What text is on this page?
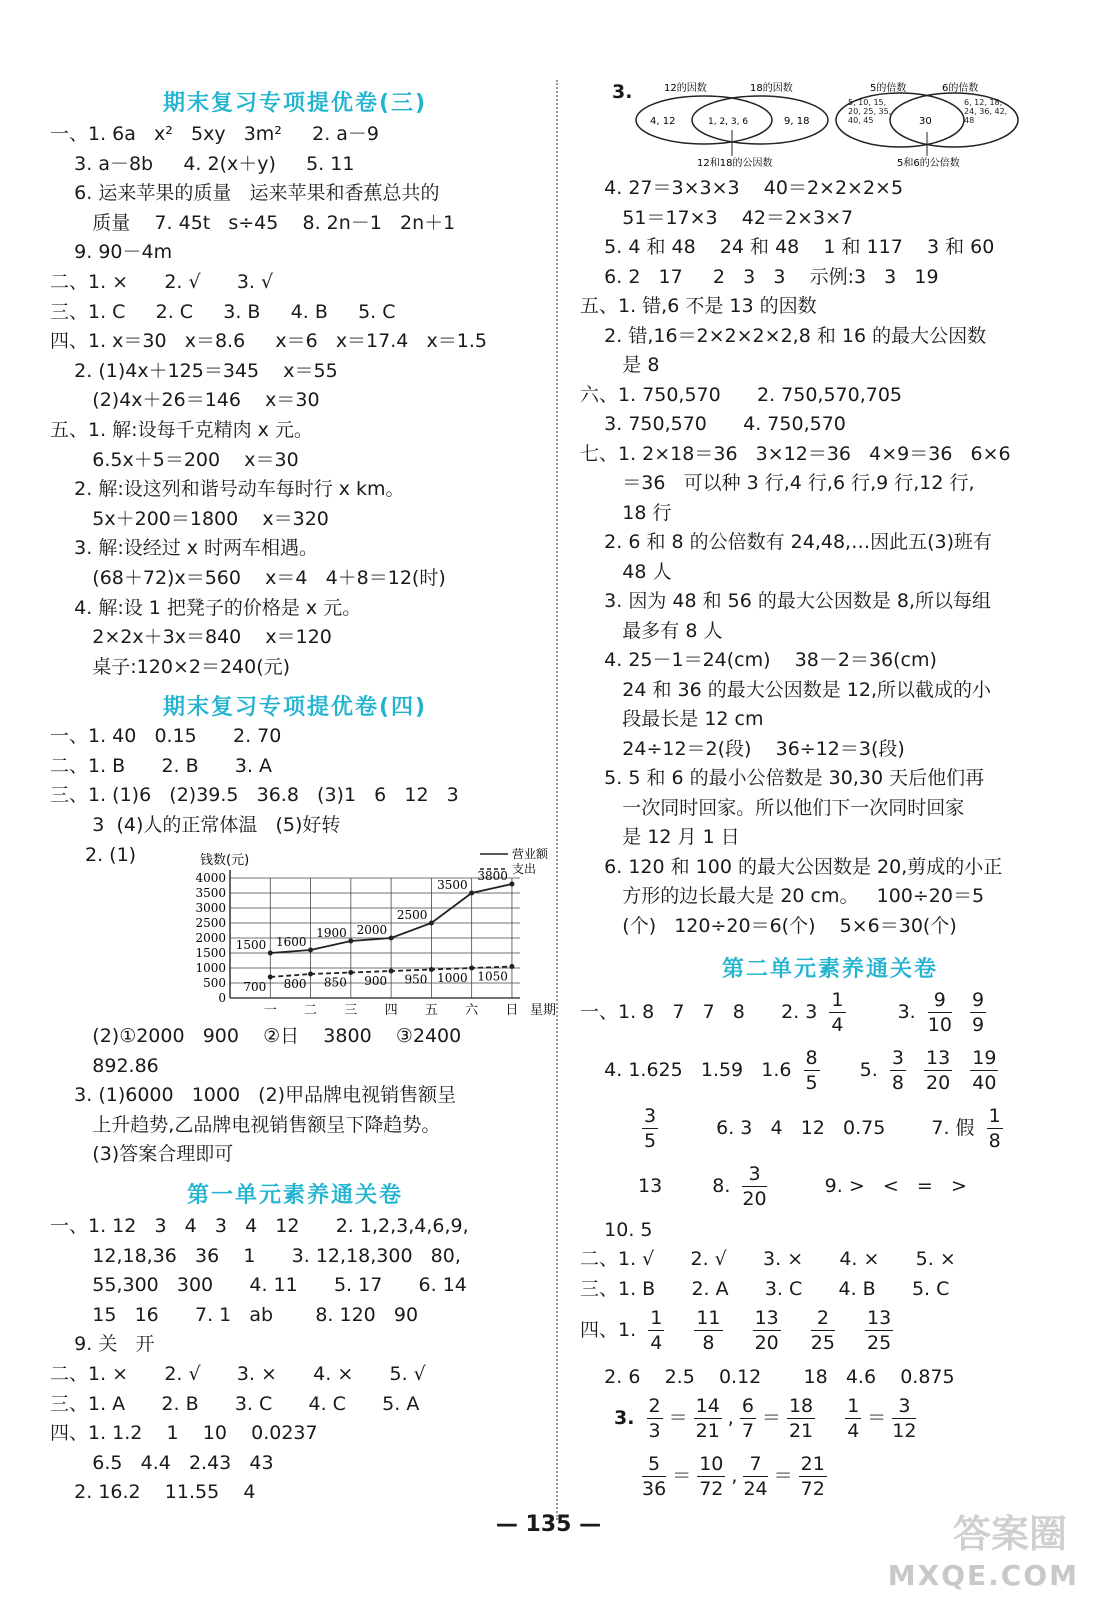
期末复习专项提优卷(三)
一、1. 6a   x²   5xy   3m²     2. a－9
3. a－8b     4. 2(x＋y)     5. 11
6. 运来苹果的质量   运来苹果和香蕉总共的
质量    7. 45t   s÷45    8. 2n－1   2n＋1
9. 90－4m
二、1. ×      2. √      3. √
三、1. C     2. C     3. B     4. B     5. C
四、1. x＝30   x＝8.6     x＝6   x＝17.4   x＝1.5
2. (1)4x＋125＝345    x＝55
(2)4x＋26＝146    x＝30
五、1. 解:设每千克精肉 x 元。
6.5x＋5＝200    x＝30
2. 解:设这列和谐号动车每时行 x km。
5x＋200＝1800    x＝320
3. 解:设经过 x 时两车相遇。
(68＋72)x＝560    x＝4   4＋8＝12(时)
4. 解:设 1 把凳子的价格是 x 元。
2×2x＋3x＝840    x＝120
桌子:120×2＝240(元)
期末复习专项提优卷(四)
一、1. 40   0.15      2. 70
二、1. B      2. B      3. A
三、1. (1)6   (2)39.5   36.8   (3)1   6   12   3
3  (4)人的正常体温   (5)好转
2. (1)
0
500
1000
1500
2000
2500
3000
3500
4000
一 二 三 四 五 六 日
钱数(元)
星期
营业额
支出
1500 1600
1900 2000
2500
3500
3800
700 800 850 900 950 1000 1050
(2)①2000   900    ②日    3800    ③2400
892.86
3. (1)6000   1000   (2)甲品牌电视销售额呈
上升趋势,乙品牌电视销售额呈下降趋势。
(3)答案合理即可
第一单元素养通关卷
一、1. 12   3   4   3   4   12      2. 1,2,3,4,6,9,
12,18,36   36    1      3. 12,18,300   80,
55,300   300      4. 11      5. 17      6. 14
15   16      7. 1   ab       8. 120   90
9. 关   开
二、1. ×      2. √      3. ×      4. ×      5. √
三、1. A      2. B      3. C      4. C      5. A
四、1. 1.2    1    10    0.0237
6.5   4.4   2.43   43
2. 16.2    11.55    4
3.	12的因数	18的因数
4, 12	1, 2, 3, 6	9, 18
12和18的公因数
5的倍数	6的倍数
5, 10, 15, 20, 25, 35, 40, 45	30
6, 12, 18, 24, 36, 42, 48
5和6的公倍数
4. 27＝3×3×3    40＝2×2×2×5
51＝17×3    42＝2×3×7
5. 4 和 48    24 和 48    1 和 117    3 和 60
6. 2   17     2   3   3    示例:3   3   19
五、1. 错,6 不是 13 的因数
2. 错,16＝2×2×2×2,8 和 16 的最大公因数
是 8
六、1. 750,570      2. 750,570,705
3. 750,570      4. 750,570
七、1. 2×18＝36   3×12＝36   4×9＝36   6×6
＝36   可以种 3 行,4 行,6 行,9 行,12 行,
18 行
2. 6 和 8 的公倍数有 24,48,…因此五(3)班有
48 人
3. 因为 48 和 56 的最大公因数是 8,所以每组
最多有 8 人
4. 25－1＝24(cm)    38－2＝36(cm)
24 和 36 的最大公因数是 12,所以截成的小
段最长是 12 cm
24÷12＝2(段)    36÷12＝3(段)
5. 5 和 6 的最小公倍数是 30,30 天后他们再
一次同时回家。所以他们下一次同时回家
是 12 月 1 日
6. 120 和 100 的最大公因数是 20,剪成的小正
方形的边长最大是 20 cm。   100÷20＝5
(个)   120÷20＝6(个)    5×6＝30(个)
第二单元素养通关卷
一、1. 8   7   7   8      2. $3 \frac{1}{4}$	3. $\frac{9}{10}$
$\frac{9}{9}$
4. 1.625   1.59   $1.6 \frac{8}{5} 5$. $\frac{3}{8}$
$\frac{13}{20}$
$\frac{19}{40}$
$\frac{3}{5}$	6. 3   4   12   0.75 7. 假 $\frac{1}{8}$
13	8. $\frac{3}{20}$	9. >   <   =   >
10. 5
二、1. √      2. √      3. ×      4. ×      5. ×
三、1. B      2. A      3. C      4. B      5. C
四、1. $\frac{1}{4}$
$\frac{11}{8}$
$\frac{13}{20}$
$\frac{2}{25}$
$\frac{13}{25}$
2. 6    2.5    0.12       18   4.6    0.875
3. $\frac{2}{3} = \frac{14}{21}$ , $\frac{6}{7} = \frac{18}{21}$
$\frac{1}{4} = \frac{3}{12}$
$\frac{5}{36} = \frac{10}{72}$ , $\frac{7}{24} = \frac{21}{72}$
— 135 —	答案圈
MXQE.COM
